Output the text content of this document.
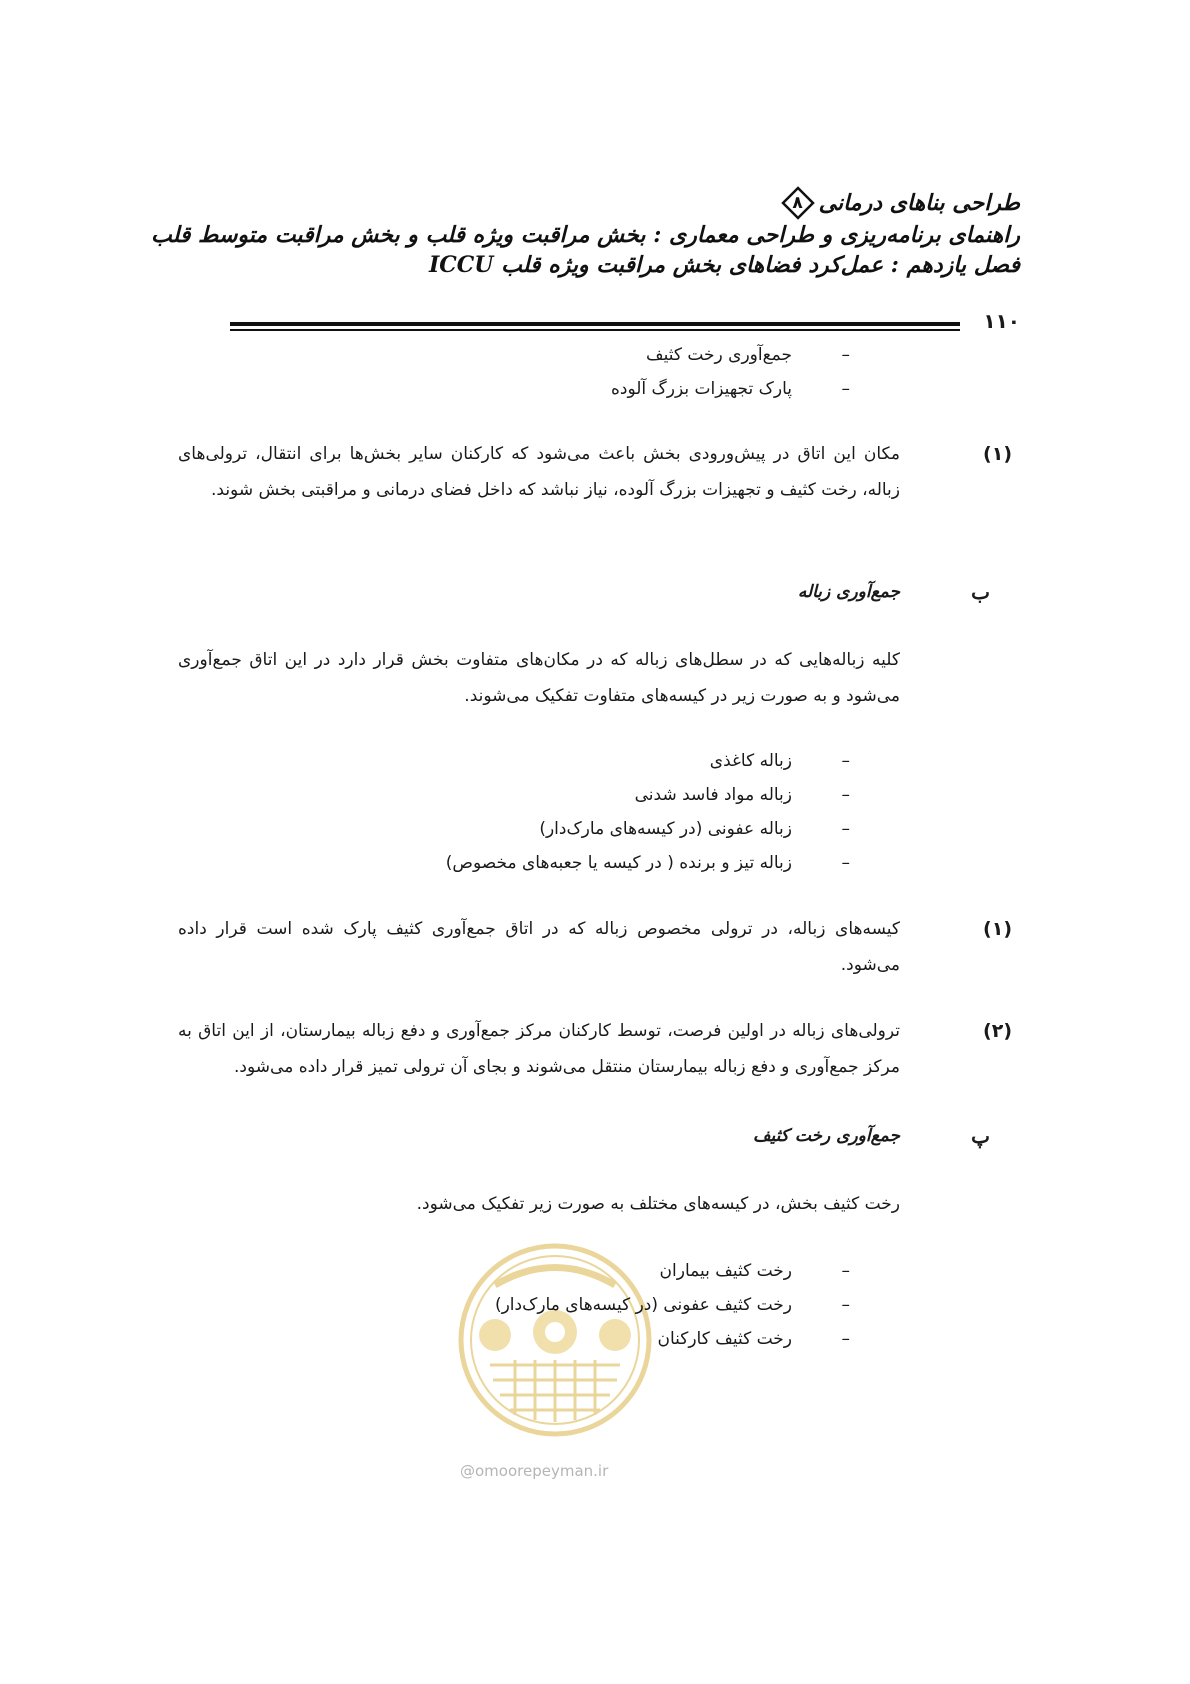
طراحی بناهای درمانی
۸
راهنمای برنامه‌ریزی و طراحی معماری : بخش مراقبت ویژه قلب و بخش مراقبت متوسط قلب
فصل یازدهم : عمل‌کرد فضاهای بخش مراقبت ویژه قلب ICCU
۱۱۰
–
جمع‌آوری رخت کثیف
–
پارک تجهیزات بزرگ آلوده
(۱)
مکان این اتاق در پیش‌ورودی بخش باعث می‌شود که کارکنان سایر بخش‌ها برای انتقال، ترولی‌های زباله، رخت کثیف و تجهیزات بزرگ آلوده، نیاز نباشد که داخل فضای درمانی و مراقبتی بخش شوند.
ب
جمع‌آوری زباله
کلیه زباله‌هایی که در سطل‌های زباله که در مکان‌های متفاوت بخش قرار دارد در این اتاق جمع‌آوری می‌شود و به صورت زیر در کیسه‌های متفاوت تفکیک می‌شوند.
–
زباله کاغذی
–
زباله مواد فاسد شدنی
–
زباله عفونی (در کیسه‌های مارک‌دار)
–
زباله تیز و برنده ( در کیسه یا جعبه‌های مخصوص)
(۱)
کیسه‌های زباله، در ترولی مخصوص زباله که در اتاق جمع‌آوری کثیف پارک شده است قرار داده می‌شود.
(۲)
ترولی‌های زباله در اولین فرصت، توسط کارکنان مرکز جمع‌آوری و دفع زباله بیمارستان، از این اتاق به مرکز جمع‌آوری و دفع زباله بیمارستان منتقل می‌شوند و بجای آن ترولی تمیز قرار داده می‌شود.
پ
جمع‌آوری رخت کثیف
رخت کثیف بخش، در کیسه‌های مختلف به صورت زیر تفکیک می‌شود.
–
رخت کثیف بیماران
–
رخت کثیف عفونی (در کیسه‌های مارک‌دار)
–
رخت کثیف کارکنان
@omoorepeyman.ir
